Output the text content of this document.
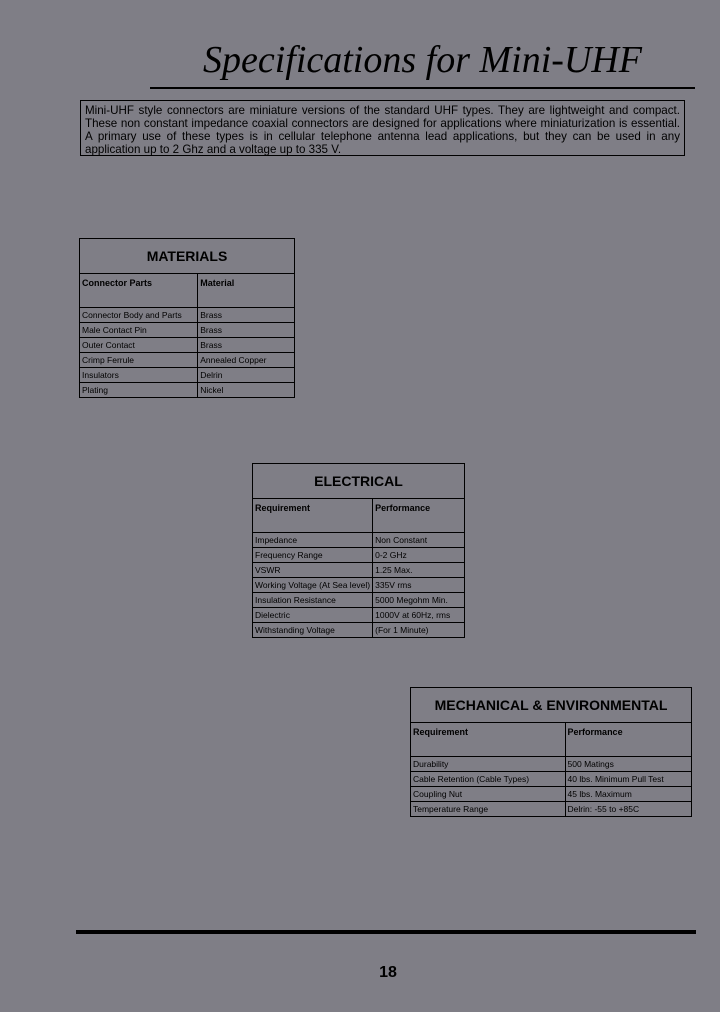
Specifications for Mini-UHF
Mini-UHF style connectors are miniature versions of the standard UHF types. They are lightweight and compact. These non constant impedance coaxial connectors are designed for applications where miniaturization is essential. A primary use of these types is in cellular telephone antenna lead applications, but they can be used in any application up to 2 Ghz and a voltage up to 335 V.
MATERIALS	
Connector Parts	Material
Connector Body and Parts	Brass
Male Contact Pin	Brass
Outer Contact	Brass
Crimp Ferrule	Annealed Copper
Insulators	Delrin
Plating	Nickel
ELECTRICAL	
Requirement	Performance
Impedance	Non Constant
Frequency Range	0-2 GHz
VSWR	1.25 Max.
Working Voltage (At Sea level)	335V rms
Insulation Resistance	5000 Megohm Min.
Dielectric	1000V at 60Hz, rms
Withstanding Voltage	(For 1 Minute)
MECHANICAL & ENVIRONMENTAL	
Requirement	Performance
Durability	500 Matings
Cable Retention (Cable Types)	40 lbs. Minimum Pull Test
Coupling Nut	45 lbs. Maximum
Temperature Range	Delrin: -55 to +85C
18
